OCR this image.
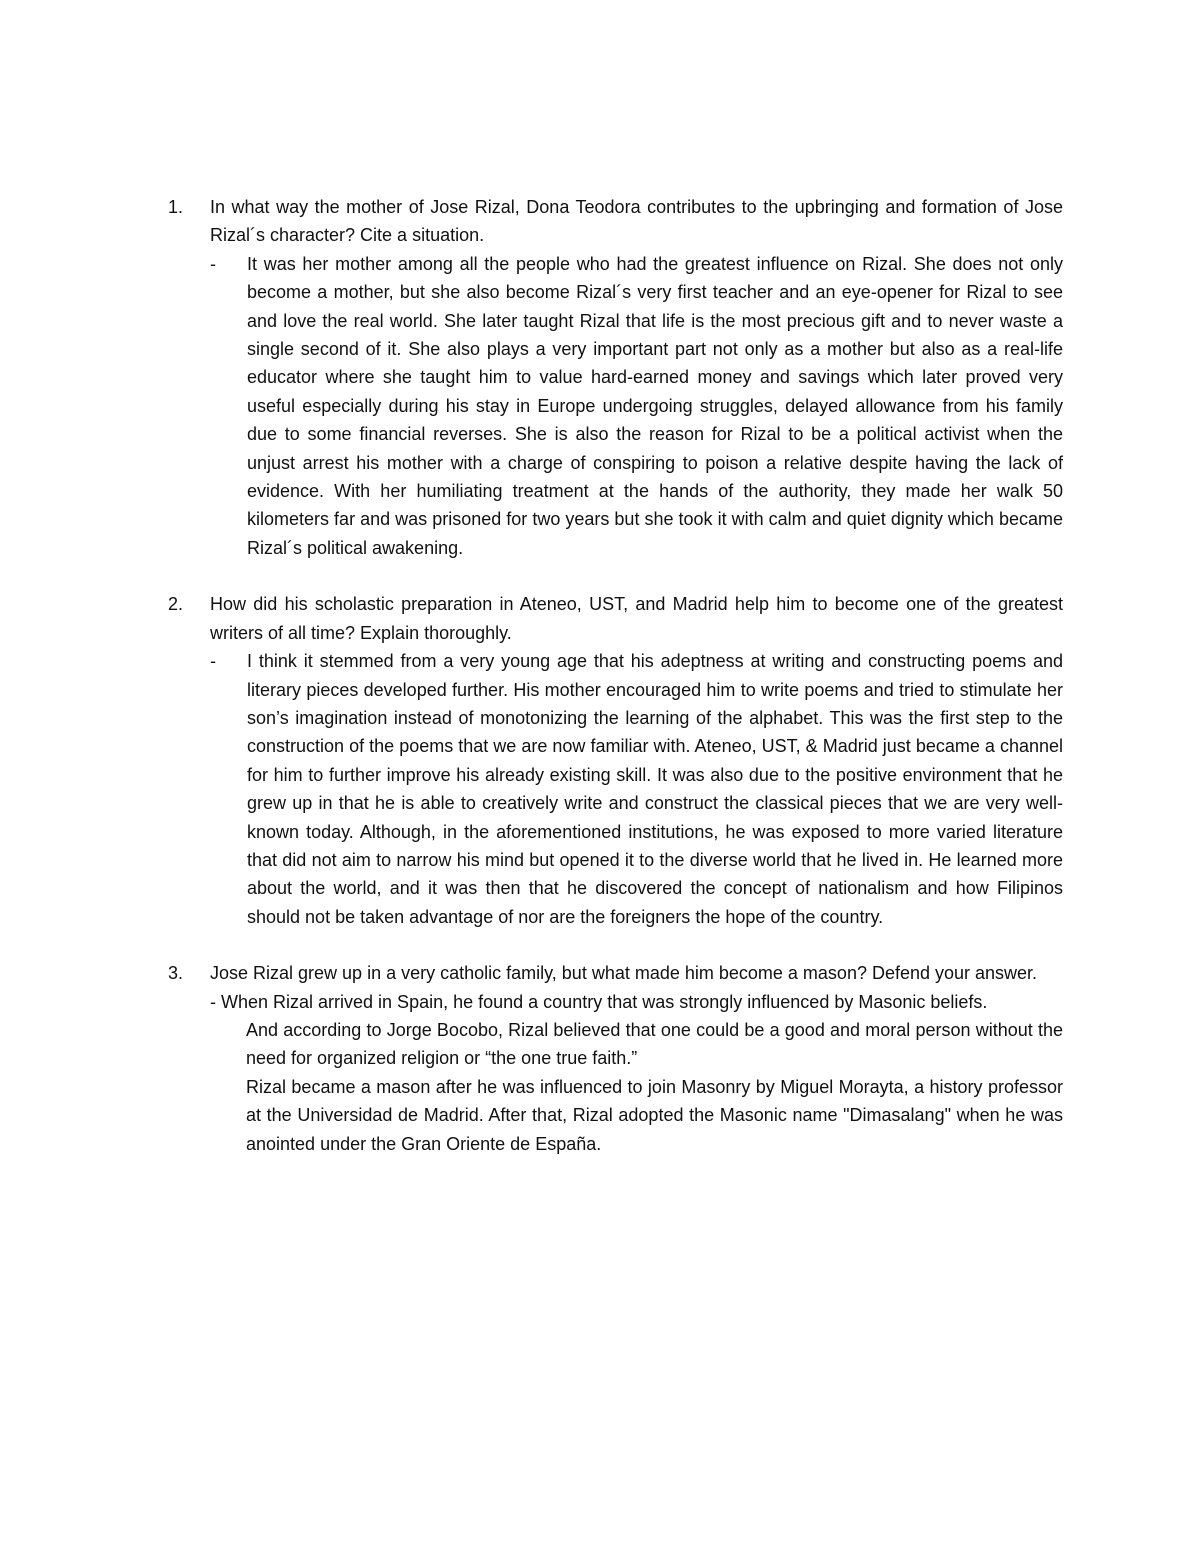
1.	In what way the mother of Jose Rizal, Dona Teodora contributes to the upbringing and formation of Jose Rizal´s character? Cite a situation.
-	It was her mother among all the people who had the greatest influence on Rizal. She does not only become a mother, but she also become Rizal´s very first teacher and an eye-opener for Rizal to see and love the real world. She later taught Rizal that life is the most precious gift and to never waste a single second of it. She also plays a very important part not only as a mother but also as a real-life educator where she taught him to value hard-earned money and savings which later proved very useful especially during his stay in Europe undergoing struggles, delayed allowance from his family due to some financial reverses. She is also the reason for Rizal to be a political activist when the unjust arrest his mother with a charge of conspiring to poison a relative despite having the lack of evidence. With her humiliating treatment at the hands of the authority, they made her walk 50 kilometers far and was prisoned for two years but she took it with calm and quiet dignity which became Rizal´s political awakening.
2.	How did his scholastic preparation in Ateneo, UST, and Madrid help him to become one of the greatest writers of all time? Explain thoroughly.
-	I think it stemmed from a very young age that his adeptness at writing and constructing poems and literary pieces developed further. His mother encouraged him to write poems and tried to stimulate her son’s imagination instead of monotonizing the learning of the alphabet. This was the first step to the construction of the poems that we are now familiar with. Ateneo, UST, & Madrid just became a channel for him to further improve his already existing skill. It was also due to the positive environment that he grew up in that he is able to creatively write and construct the classical pieces that we are very well-known today. Although, in the aforementioned institutions, he was exposed to more varied literature that did not aim to narrow his mind but opened it to the diverse world that he lived in. He learned more about the world, and it was then that he discovered the concept of nationalism and how Filipinos should not be taken advantage of nor are the foreigners the hope of the country.
3.	Jose Rizal grew up in a very catholic family, but what made him become a mason? Defend your answer.
- When Rizal arrived in Spain, he found a country that was strongly influenced by Masonic beliefs.
And according to Jorge Bocobo, Rizal believed that one could be a good and moral person without the need for organized religion or “the one true faith.”
Rizal became a mason after he was influenced to join Masonry by Miguel Morayta, a history professor at the Universidad de Madrid. After that, Rizal adopted the Masonic name "Dimasalang" when he was anointed under the Gran Oriente de España.
